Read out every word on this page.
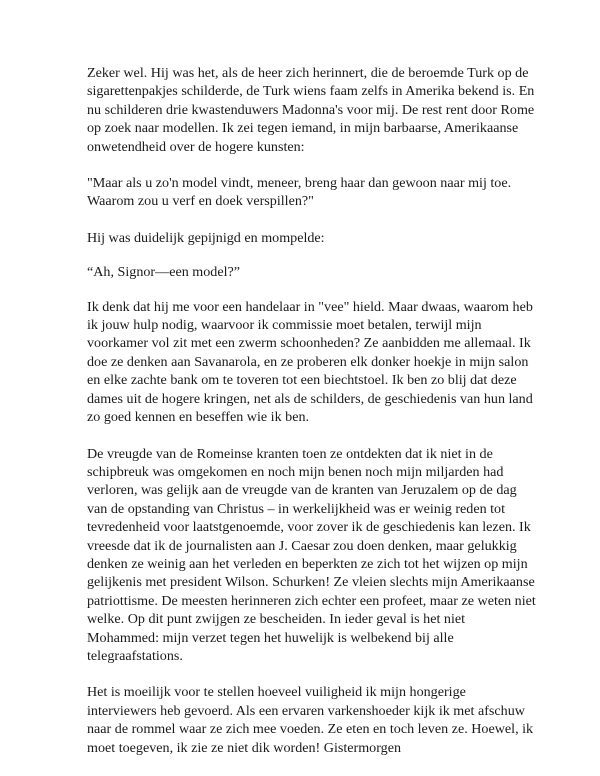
Zeker wel. Hij was het, als de heer zich herinnert, die de beroemde Turk op de sigarettenpakjes schilderde, de Turk wiens faam zelfs in Amerika bekend is. En nu schilderen drie kwastenduwers Madonna's voor mij. De rest rent door Rome op zoek naar modellen. Ik zei tegen iemand, in mijn barbaarse, Amerikaanse onwetendheid over de hogere kunsten:

"Maar als u zo'n model vindt, meneer, breng haar dan gewoon naar mij toe. Waarom zou u verf en doek verspillen?"

Hij was duidelijk gepijnigd en mompelde:

“Ah, Signor—een model?”

Ik denk dat hij me voor een handelaar in "vee" hield. Maar dwaas, waarom heb ik jouw hulp nodig, waarvoor ik commissie moet betalen, terwijl mijn voorkamer vol zit met een zwerm schoonheden? Ze aanbidden me allemaal. Ik doe ze denken aan Savanarola, en ze proberen elk donker hoekje in mijn salon en elke zachte bank om te toveren tot een biechtstoel. Ik ben zo blij dat deze dames uit de hogere kringen, net als de schilders, de geschiedenis van hun land zo goed kennen en beseffen wie ik ben.

De vreugde van de Romeinse kranten toen ze ontdekten dat ik niet in de schipbreuk was omgekomen en noch mijn benen noch mijn miljarden had verloren, was gelijk aan de vreugde van de kranten van Jeruzalem op de dag van de opstanding van Christus – in werkelijkheid was er weinig reden tot tevredenheid voor laatstgenoemde, voor zover ik de geschiedenis kan lezen. Ik vreesde dat ik de journalisten aan J. Caesar zou doen denken, maar gelukkig denken ze weinig aan het verleden en beperkten ze zich tot het wijzen op mijn gelijkenis met president Wilson. Schurken! Ze vleien slechts mijn Amerikaanse patriottisme. De meesten herinneren zich echter een profeet, maar ze weten niet welke. Op dit punt zwijgen ze bescheiden. In ieder geval is het niet Mohammed: mijn verzet tegen het huwelijk is welbekend bij alle telegraafstations.

Het is moeilijk voor te stellen hoeveel vuiligheid ik mijn hongerige interviewers heb gevoerd. Als een ervaren varkenshoeder kijk ik met afschuw naar de rommel waar ze zich mee voeden. Ze eten en toch leven ze. Hoewel, ik moet toegeven, ik zie ze niet dik worden! Gistermorgen
